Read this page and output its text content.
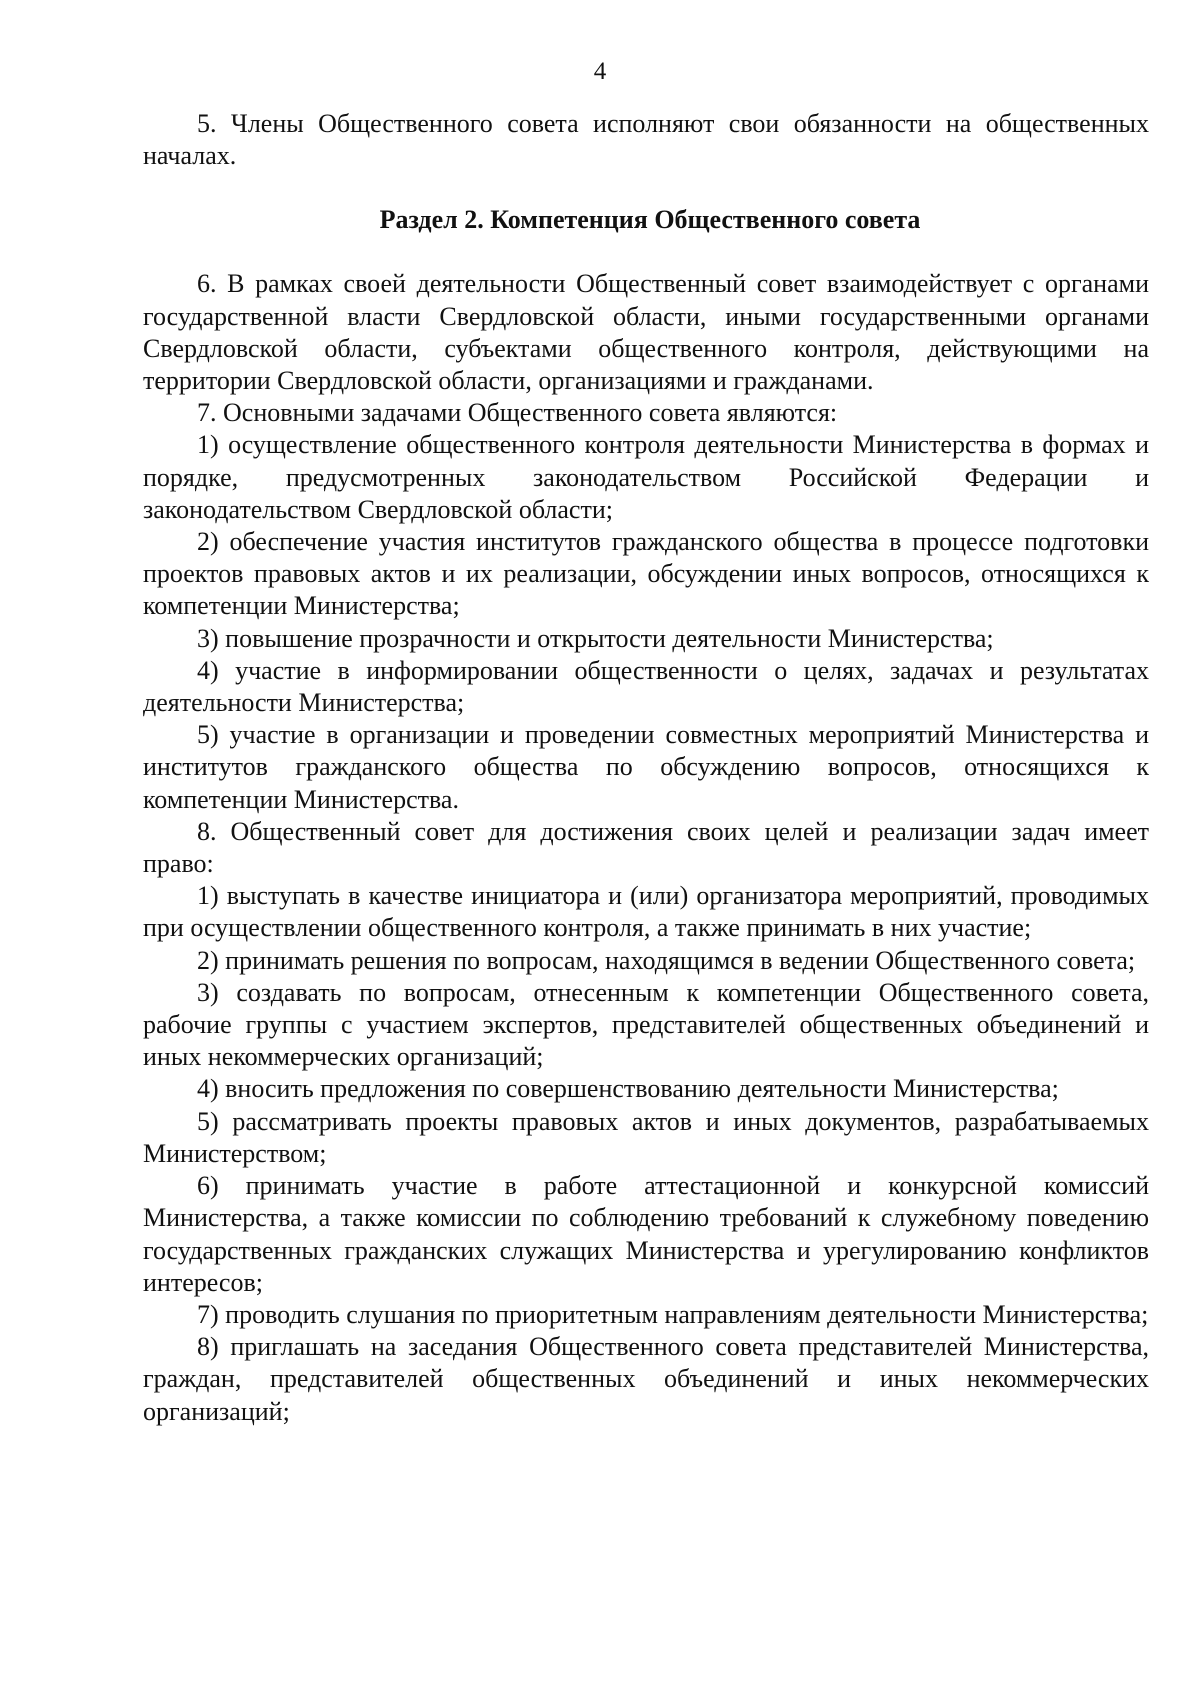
4

5. Члены Общественного совета исполняют свои обязанности на общественных началах.

Раздел 2. Компетенция Общественного совета

6. В рамках своей деятельности Общественный совет взаимодействует с органами государственной власти Свердловской области, иными государственными органами Свердловской области, субъектами общественного контроля, действующими на территории Свердловской области, организациями и гражданами.

7. Основными задачами Общественного совета являются:

1) осуществление общественного контроля деятельности Министерства в формах и порядке, предусмотренных законодательством Российской Федерации и законодательством Свердловской области;

2) обеспечение участия институтов гражданского общества в процессе подготовки проектов правовых актов и их реализации, обсуждении иных вопросов, относящихся к компетенции Министерства;

3) повышение прозрачности и открытости деятельности Министерства;

4) участие в информировании общественности о целях, задачах и результатах деятельности Министерства;

5) участие в организации и проведении совместных мероприятий Министерства и институтов гражданского общества по обсуждению вопросов, относящихся к компетенции Министерства.

8. Общественный совет для достижения своих целей и реализации задач имеет право:

1) выступать в качестве инициатора и (или) организатора мероприятий, проводимых при осуществлении общественного контроля, а также принимать в них участие;

2) принимать решения по вопросам, находящимся в ведении Общественного совета;

3) создавать по вопросам, отнесенным к компетенции Общественного совета, рабочие группы с участием экспертов, представителей общественных объединений и иных некоммерческих организаций;

4) вносить предложения по совершенствованию деятельности Министерства;

5) рассматривать проекты правовых актов и иных документов, разрабатываемых Министерством;

6) принимать участие в работе аттестационной и конкурсной комиссий Министерства, а также комиссии по соблюдению требований к служебному поведению государственных гражданских служащих Министерства и урегулированию конфликтов интересов;

7) проводить слушания по приоритетным направлениям деятельности Министерства;

8) приглашать на заседания Общественного совета представителей Министерства, граждан, представителей общественных объединений и иных некоммерческих организаций;
